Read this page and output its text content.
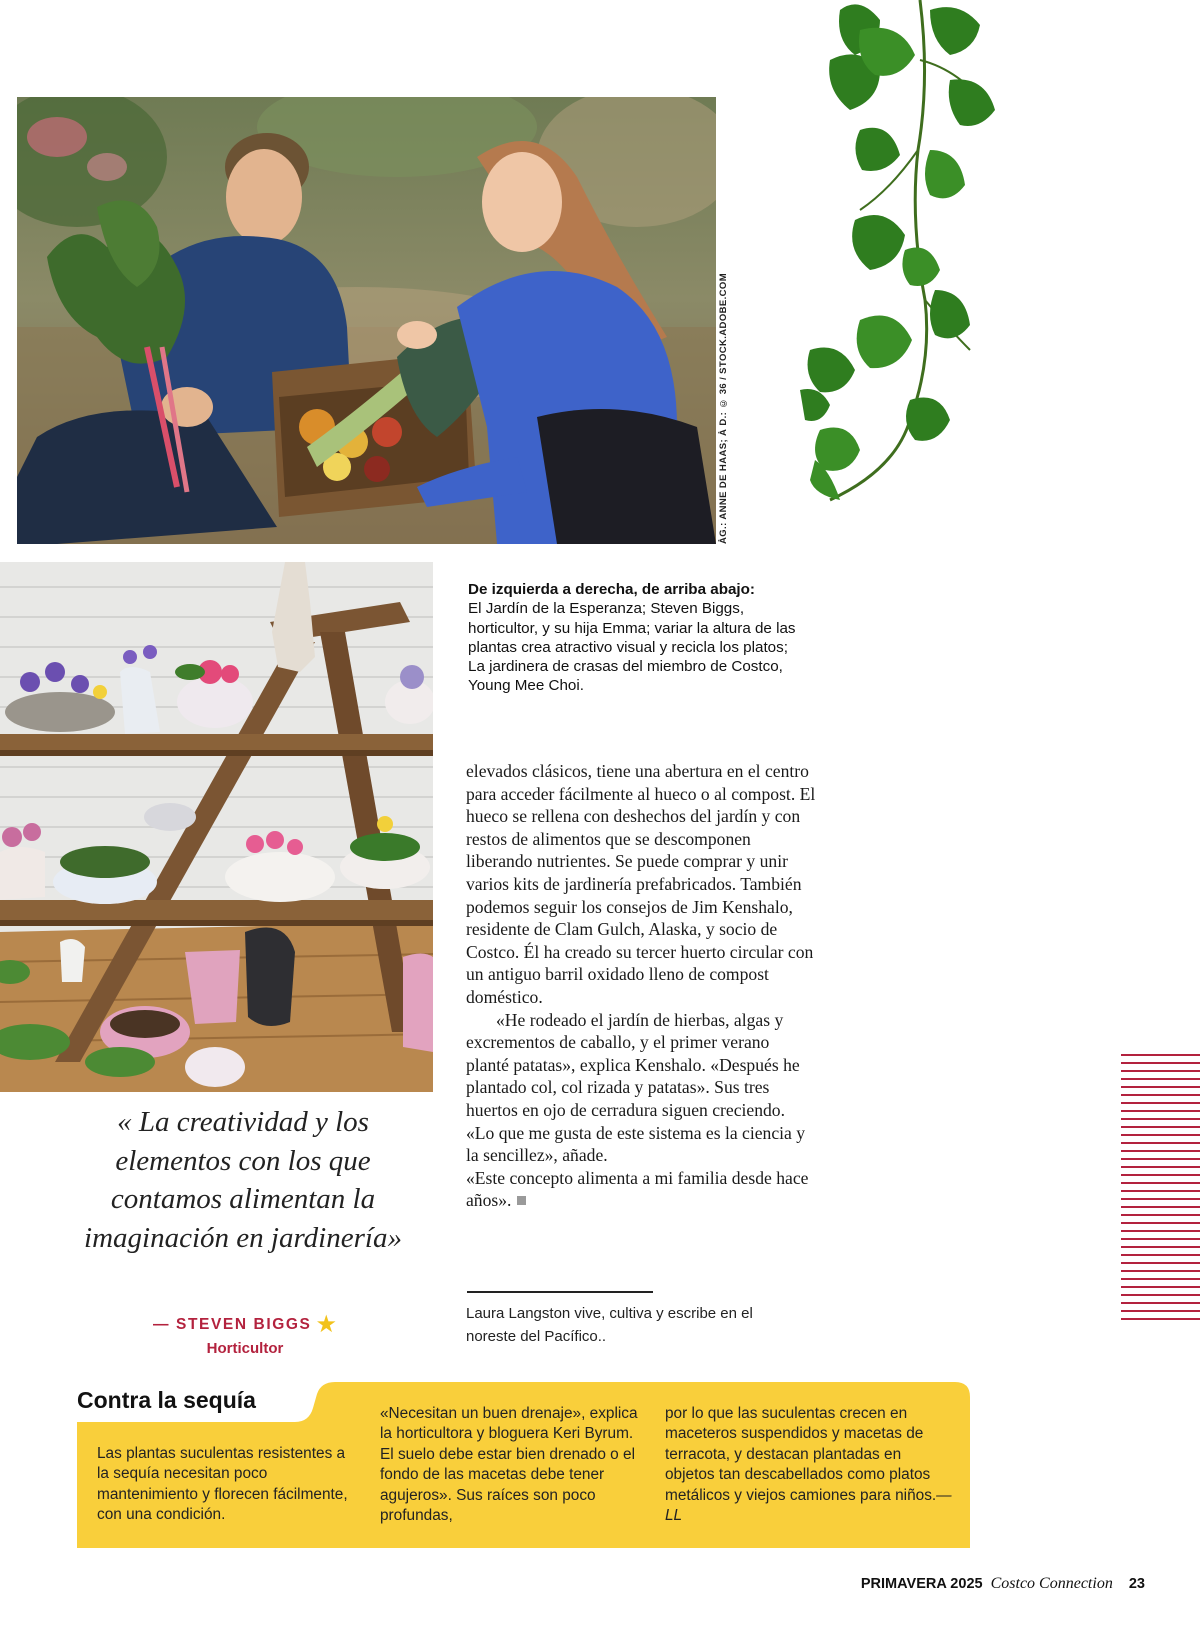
ÀG.: ANNE DE HAAS; À D.: © 36 / STOCK.ADOBE.COM
De izquierda a derecha, de arriba abajo:
El Jardín de la Esperanza; Steven Biggs, horticultor, y su hija Emma; variar la altura de las plantas crea atractivo visual y recicla los platos; La jardinera de crasas del miembro de Costco, Young Mee Choi.

elevados clásicos, tiene una abertura en el centro para acceder fácilmente al hueco o al compost. El hueco se rellena con deshechos del jardín y con restos de alimentos que se descomponen liberando nutrientes. Se puede comprar y unir varios kits de jardinería prefabricados. También podemos seguir los consejos de Jim Kenshalo, residente de Clam Gulch, Alaska, y socio de Costco. Él ha creado su tercer huerto circular con un antiguo barril oxidado lleno de compost doméstico.

«He rodeado el jardín de hierbas, algas y excrementos de caballo, y el primer verano planté patatas», explica Kenshalo. «Después he plantado col, col rizada y patatas». Sus tres huertos en ojo de cerradura siguen creciendo. «Lo que me gusta de este sistema es la ciencia y la sencillez», añade.

«Este concepto alimenta a mi familia desde hace años».

Laura Langston vive, cultiva y escribe en el noreste del Pacífico..
« La creatividad y los elementos con los que contamos alimentan la imaginación en jardinería»
— STEVEN BIGGS ★
Horticultor
Contra la sequía
Las plantas suculentas resistentes a la sequía necesitan poco mantenimiento y florecen fácilmente, con una condición.
«Necesitan un buen drenaje», explica la horticultora y bloguera Keri Byrum. El suelo debe estar bien drenado o el fondo de las macetas debe tener agujeros». Sus raíces son poco profundas,
por lo que las suculentas crecen en maceteros suspendidos y macetas de terracota, y destacan plantadas en objetos tan descabellados como platos metálicos y viejos camiones para niños.—LL
PRIMAVERA 2025 Costco Connection 23
